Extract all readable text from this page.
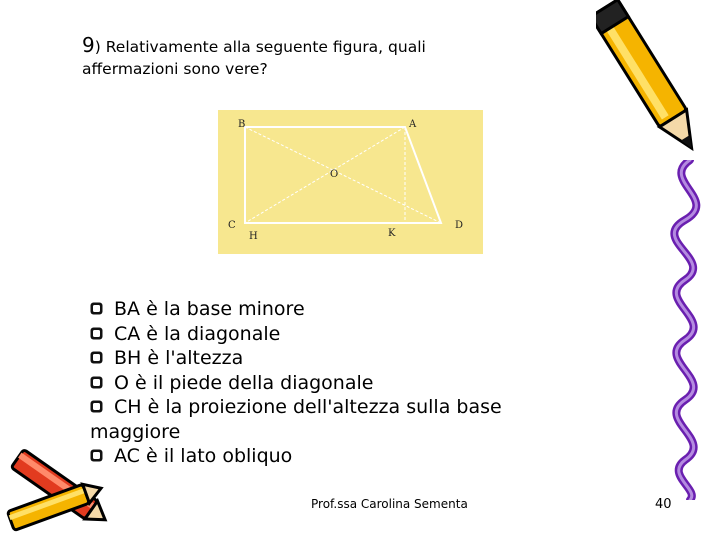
9) Relativamente alla seguente figura, quali
affermazioni sono vere?
B	A
O
C
H	K
D
BA è la base minore
CA è la diagonale
BH è l'altezza
O è il piede della diagonale
CH è la proiezione dell'altezza sulla base
maggiore
AC è il lato obliquo
Prof.ssa Carolina Sementa	40
